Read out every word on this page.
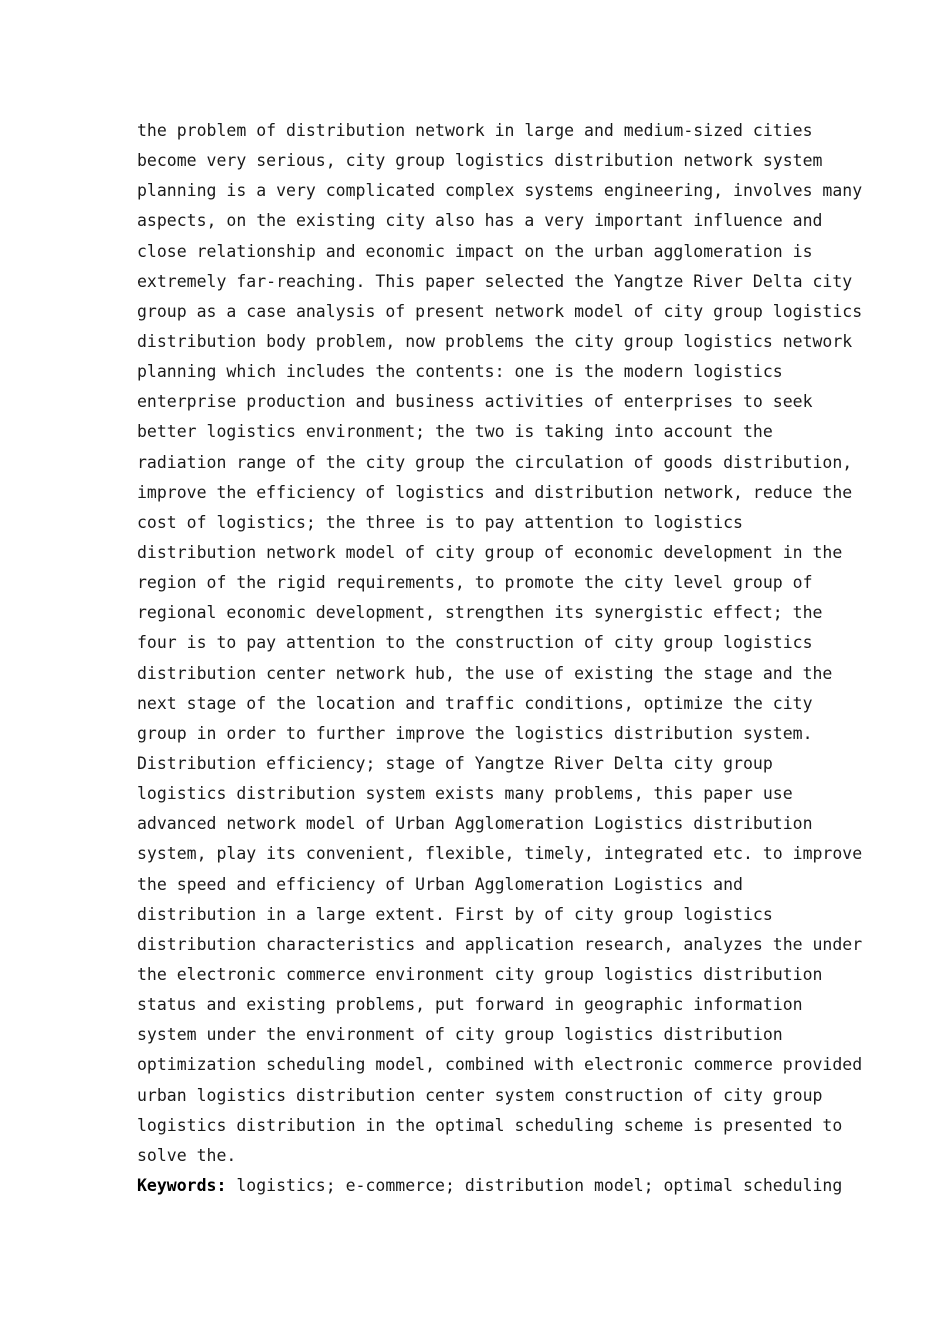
the problem of distribution network in large and medium-sized cities
become very serious, city group logistics distribution network system
planning is a very complicated complex systems engineering, involves many
aspects, on the existing city also has a very important influence and
close relationship and economic impact on the urban agglomeration is
extremely far-reaching. This paper selected the Yangtze River Delta city
group as a case analysis of present network model of city group logistics
distribution body problem, now problems the city group logistics network
planning which includes the contents: one is the modern logistics
enterprise production and business activities of enterprises to seek
better logistics environment; the two is taking into account the
radiation range of the city group the circulation of goods distribution,
improve the efficiency of logistics and distribution network, reduce the
cost of logistics; the three is to pay attention to logistics
distribution network model of city group of economic development in the
region of the rigid requirements, to promote the city level group of
regional economic development, strengthen its synergistic effect; the
four is to pay attention to the construction of city group logistics
distribution center network hub, the use of existing the stage and the
next stage of the location and traffic conditions, optimize the city
group in order to further improve the logistics distribution system.
Distribution efficiency; stage of Yangtze River Delta city group
logistics distribution system exists many problems, this paper use
advanced network model of Urban Agglomeration Logistics distribution
system, play its convenient, flexible, timely, integrated etc. to improve
the speed and efficiency of Urban Agglomeration Logistics and
distribution in a large extent. First by of city group logistics
distribution characteristics and application research, analyzes the under
the electronic commerce environment city group logistics distribution
status and existing problems, put forward in geographic information
system under the environment of city group logistics distribution
optimization scheduling model, combined with electronic commerce provided
urban logistics distribution center system construction of city group
logistics distribution in the optimal scheduling scheme is presented to
solve the.
Keywords: logistics; e-commerce; distribution model; optimal scheduling
